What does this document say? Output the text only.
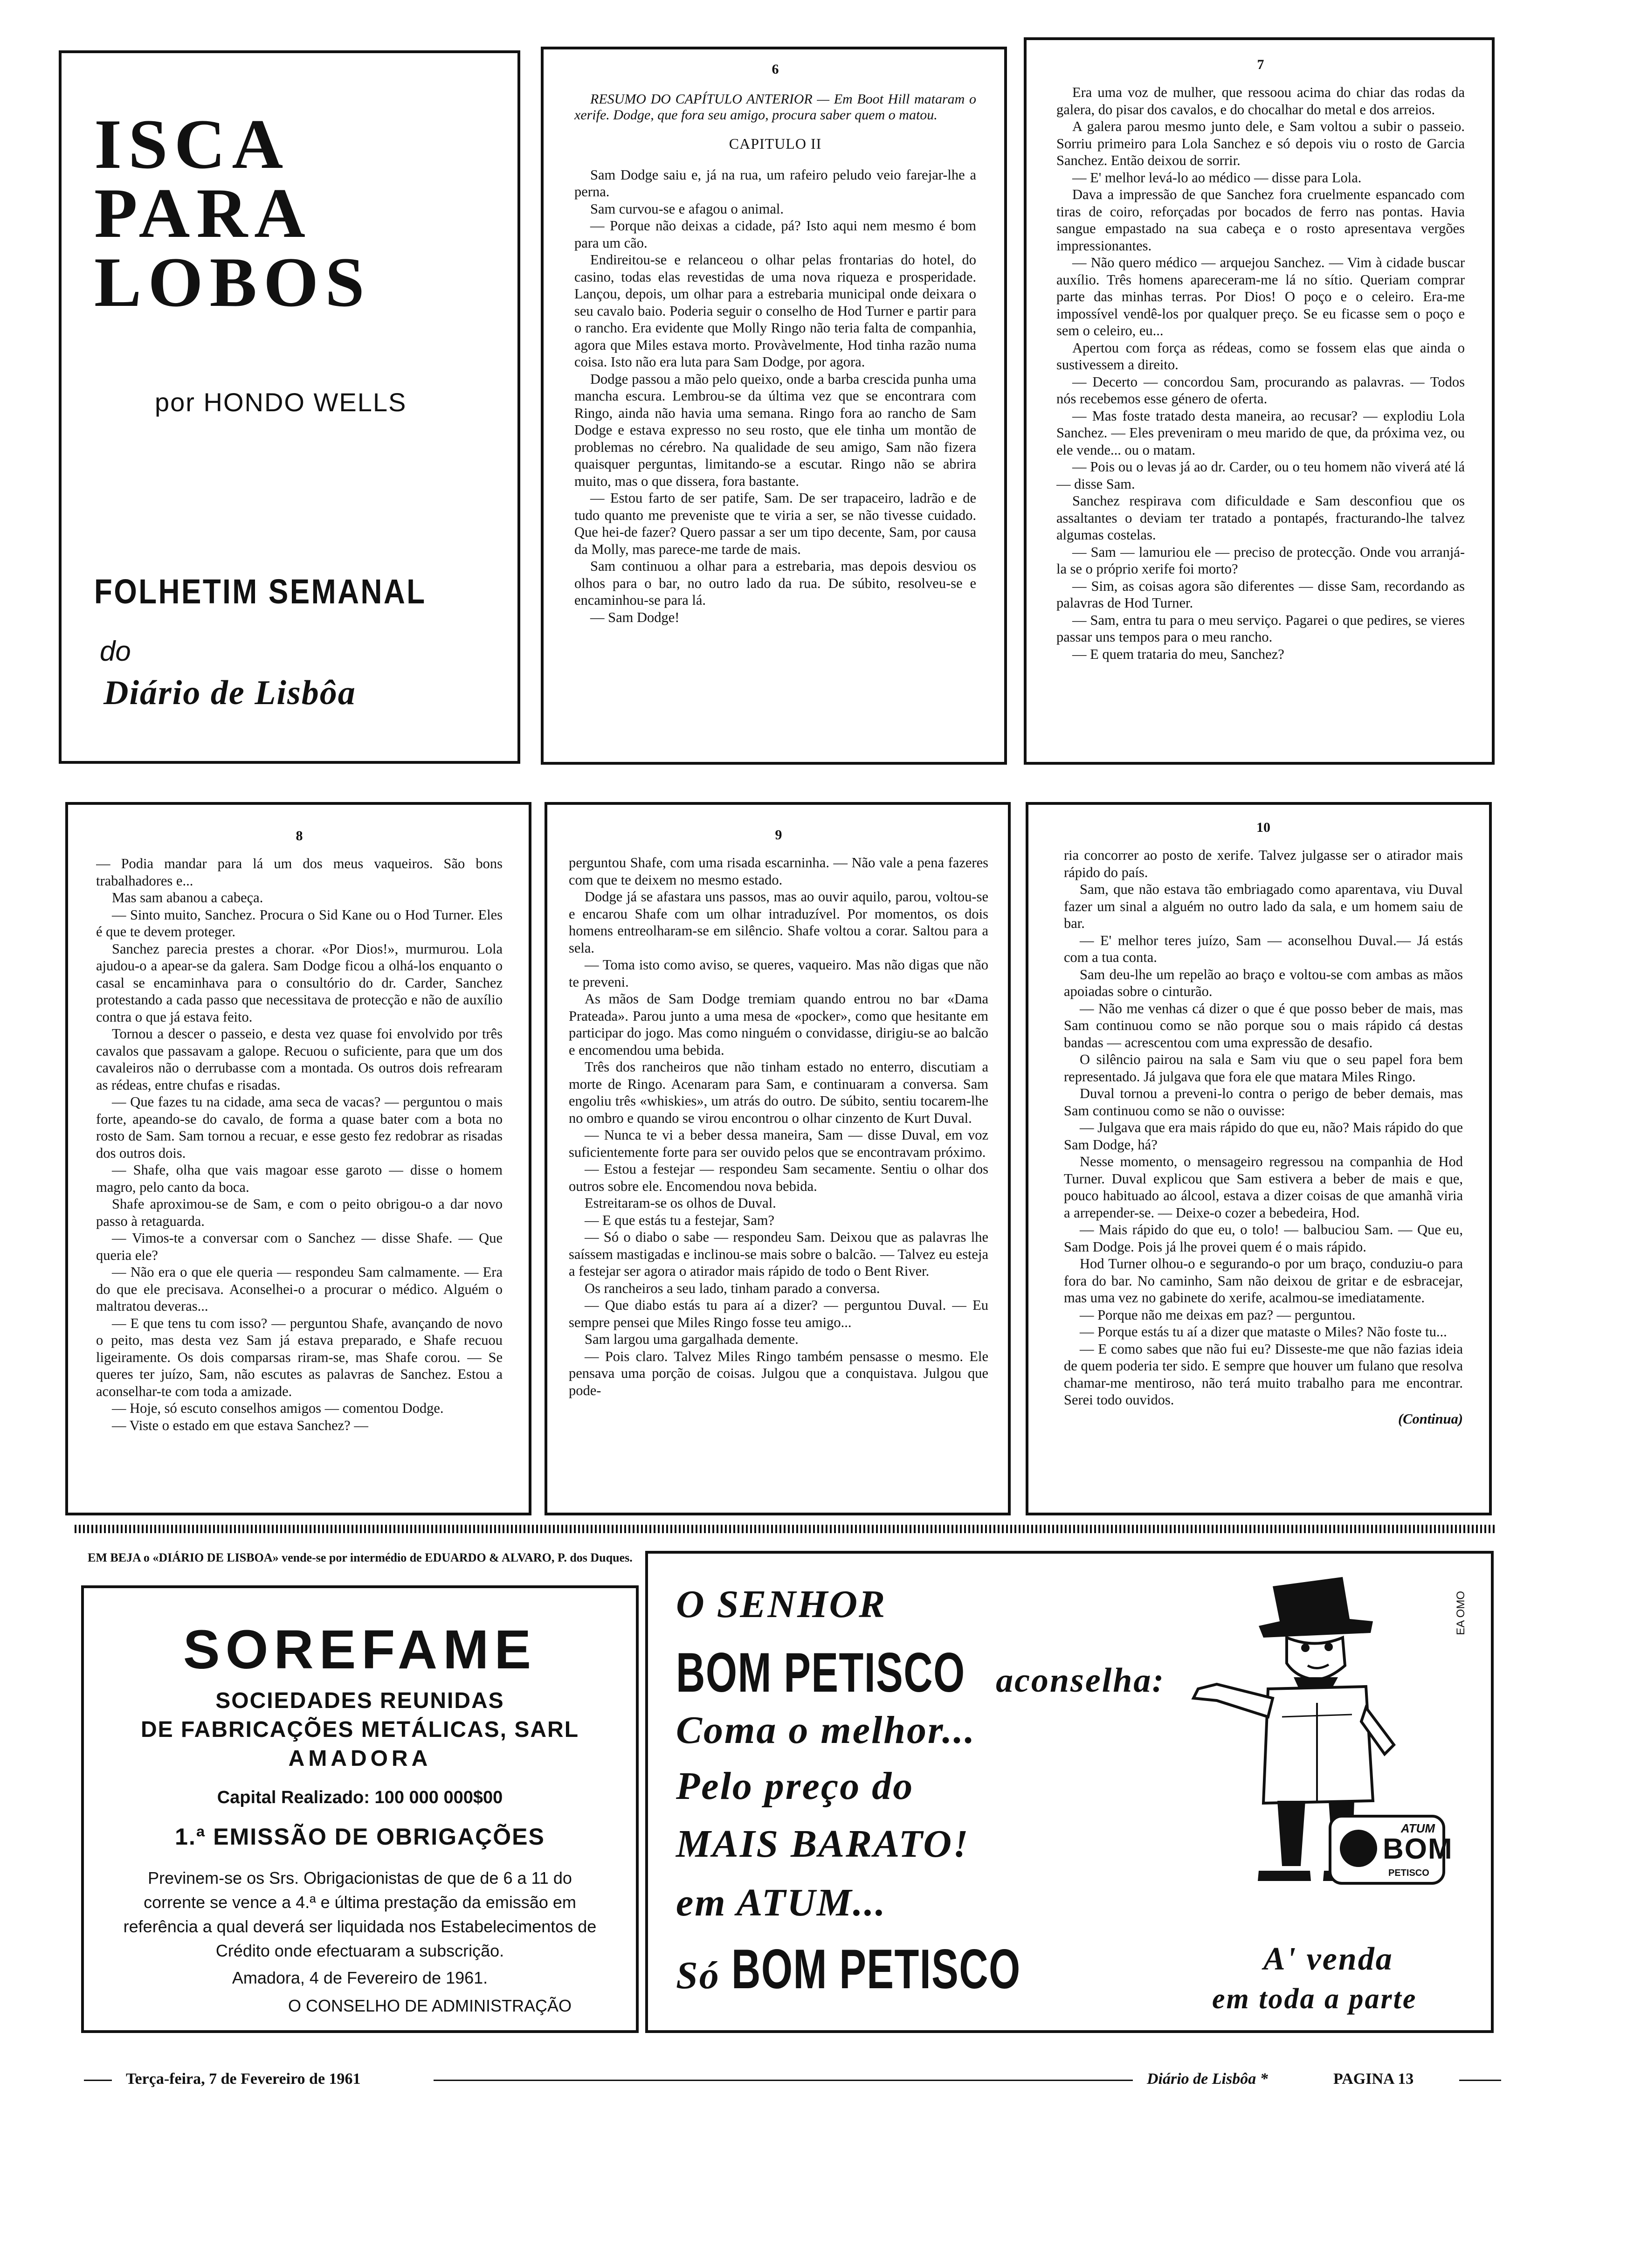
ISCA
PARA
LOBOS
por HONDO WELLS
FOLHETIM SEMANAL
do
Diário de Lisbôa
6

RESUMO DO CAPÍTULO ANTERIOR — Em Boot Hill mataram o xerife. Dodge, que fora seu amigo, procura saber quem o matou.

CAPITULO II

Sam Dodge saiu e, já na rua, um rafeiro peludo veio farejar-lhe a perna.

Sam curvou-se e afagou o animal.

— Porque não deixas a cidade, pá? Isto aqui nem mesmo é bom para um cão.

Endireitou-se e relanceou o olhar pelas frontarias do hotel, do casino, todas elas revestidas de uma nova riqueza e prosperidade. Lançou, depois, um olhar para a estrebaria municipal onde deixara o seu cavalo baio. Poderia seguir o conselho de Hod Turner e partir para o rancho. Era evidente que Molly Ringo não teria falta de companhia, agora que Miles estava morto. Provàvelmente, Hod tinha razão numa coisa. Isto não era luta para Sam Dodge, por agora.

Dodge passou a mão pelo queixo, onde a barba crescida punha uma mancha escura. Lembrou-se da última vez que se encontrara com Ringo, ainda não havia uma semana. Ringo fora ao rancho de Sam Dodge e estava expresso no seu rosto, que ele tinha um montão de problemas no cérebro. Na qualidade de seu amigo, Sam não fizera quaisquer perguntas, limitando-se a escutar. Ringo não se abrira muito, mas o que dissera, fora bastante.

— Estou farto de ser patife, Sam. De ser trapaceiro, ladrão e de tudo quanto me preveniste que te viria a ser, se não tivesse cuidado. Que hei-de fazer? Quero passar a ser um tipo decente, Sam, por causa da Molly, mas parece-me tarde de mais.

Sam continuou a olhar para a estrebaria, mas depois desviou os olhos para o bar, no outro lado da rua. De súbito, resolveu-se e encaminhou-se para lá.

— Sam Dodge!

7

Era uma voz de mulher, que ressoou acima do chiar das rodas da galera, do pisar dos cavalos, e do chocalhar do metal e dos arreios.

A galera parou mesmo junto dele, e Sam voltou a subir o passeio. Sorriu primeiro para Lola Sanchez e só depois viu o rosto de Garcia Sanchez. Então deixou de sorrir.

— E' melhor levá-lo ao médico — disse para Lola.

Dava a impressão de que Sanchez fora cruelmente espancado com tiras de coiro, reforçadas por bocados de ferro nas pontas. Havia sangue empastado na sua cabeça e o rosto apresentava vergões impressionantes.

— Não quero médico — arquejou Sanchez. — Vim à cidade buscar auxílio. Três homens apareceram-me lá no sítio. Queriam comprar parte das minhas terras. Por Dios! O poço e o celeiro. Era-me impossível vendê-los por qualquer preço. Se eu ficasse sem o poço e sem o celeiro, eu...

Apertou com força as rédeas, como se fossem elas que ainda o sustivessem a direito.

— Decerto — concordou Sam, procurando as palavras. — Todos nós recebemos esse género de oferta.

— Mas foste tratado desta maneira, ao recusar? — explodiu Lola Sanchez. — Eles preveniram o meu marido de que, da próxima vez, ou ele vende... ou o matam.

— Pois ou o levas já ao dr. Carder, ou o teu homem não viverá até lá — disse Sam.

Sanchez respirava com dificuldade e Sam desconfiou que os assaltantes o deviam ter tratado a pontapés, fracturando-lhe talvez algumas costelas.

— Sam — lamuriou ele — preciso de protecção. Onde vou arranjá-la se o próprio xerife foi morto?

— Sim, as coisas agora são diferentes — disse Sam, recordando as palavras de Hod Turner.

— Sam, entra tu para o meu serviço. Pagarei o que pedires, se vieres passar uns tempos para o meu rancho.

— E quem trataria do meu, Sanchez?

8

— Podia mandar para lá um dos meus vaqueiros. São bons trabalhadores e...

Mas sam abanou a cabeça.

— Sinto muito, Sanchez. Procura o Sid Kane ou o Hod Turner. Eles é que te devem proteger.

Sanchez parecia prestes a chorar. «Por Dios!», murmurou. Lola ajudou-o a apear-se da galera. Sam Dodge ficou a olhá-los enquanto o casal se encaminhava para o consultório do dr. Carder, Sanchez protestando a cada passo que necessitava de protecção e não de auxílio contra o que já estava feito.

Tornou a descer o passeio, e desta vez quase foi envolvido por três cavalos que passavam a galope. Recuou o suficiente, para que um dos cavaleiros não o derrubasse com a montada. Os outros dois refrearam as rédeas, entre chufas e risadas.

— Que fazes tu na cidade, ama seca de vacas? — perguntou o mais forte, apeando-se do cavalo, de forma a quase bater com a bota no rosto de Sam. Sam tornou a recuar, e esse gesto fez redobrar as risadas dos outros dois.

— Shafe, olha que vais magoar esse garoto — disse o homem magro, pelo canto da boca.

Shafe aproximou-se de Sam, e com o peito obrigou-o a dar novo passo à retaguarda.

— Vimos-te a conversar com o Sanchez — disse Shafe. — Que queria ele?

— Não era o que ele queria — respondeu Sam calmamente. — Era do que ele precisava. Aconselhei-o a procurar o médico. Alguém o maltratou deveras...

— E que tens tu com isso? — perguntou Shafe, avançando de novo o peito, mas desta vez Sam já estava preparado, e Shafe recuou ligeiramente. Os dois comparsas riram-se, mas Shafe corou. — Se queres ter juízo, Sam, não escutes as palavras de Sanchez. Estou a aconselhar-te com toda a amizade.

— Hoje, só escuto conselhos amigos — comentou Dodge.

— Viste o estado em que estava Sanchez? —

9

perguntou Shafe, com uma risada escarninha. — Não vale a pena fazeres com que te deixem no mesmo estado.

Dodge já se afastara uns passos, mas ao ouvir aquilo, parou, voltou-se e encarou Shafe com um olhar intraduzível. Por momentos, os dois homens entreolharam-se em silêncio. Shafe voltou a corar. Saltou para a sela.

— Toma isto como aviso, se queres, vaqueiro. Mas não digas que não te preveni.

As mãos de Sam Dodge tremiam quando entrou no bar «Dama Prateada». Parou junto a uma mesa de «pocker», como que hesitante em participar do jogo. Mas como ninguém o convidasse, dirigiu-se ao balcão e encomendou uma bebida.

Três dos rancheiros que não tinham estado no enterro, discutiam a morte de Ringo. Acenaram para Sam, e continuaram a conversa. Sam engoliu três «whiskies», um atrás do outro. De súbito, sentiu tocarem-lhe no ombro e quando se virou encontrou o olhar cinzento de Kurt Duval.

— Nunca te vi a beber dessa maneira, Sam — disse Duval, em voz suficientemente forte para ser ouvido pelos que se encontravam próximo.

— Estou a festejar — respondeu Sam secamente. Sentiu o olhar dos outros sobre ele. Encomendou nova bebida.

Estreitaram-se os olhos de Duval.

— E que estás tu a festejar, Sam?

— Só o diabo o sabe — respondeu Sam. Deixou que as palavras lhe saíssem mastigadas e inclinou-se mais sobre o balcão. — Talvez eu esteja a festejar ser agora o atirador mais rápido de todo o Bent River.

Os rancheiros a seu lado, tinham parado a conversa.

— Que diabo estás tu para aí a dizer? — perguntou Duval. — Eu sempre pensei que Miles Ringo fosse teu amigo...

Sam largou uma gargalhada demente.

— Pois claro. Talvez Miles Ringo também pensasse o mesmo. Ele pensava uma porção de coisas. Julgou que a conquistava. Julgou que pode-

10

ria concorrer ao posto de xerife. Talvez julgasse ser o atirador mais rápido do país.

Sam, que não estava tão embriagado como aparentava, viu Duval fazer um sinal a alguém no outro lado da sala, e um homem saiu de bar.

— E' melhor teres juízo, Sam — aconselhou Duval.— Já estás com a tua conta.

Sam deu-lhe um repelão ao braço e voltou-se com ambas as mãos apoiadas sobre o cinturão.

— Não me venhas cá dizer o que é que posso beber de mais, mas Sam continuou como se não porque sou o mais rápido cá destas bandas — acrescentou com uma expressão de desafio.

O silêncio pairou na sala e Sam viu que o seu papel fora bem representado. Já julgava que fora ele que matara Miles Ringo.

Duval tornou a preveni-lo contra o perigo de beber demais, mas Sam continuou como se não o ouvisse:

— Julgava que era mais rápido do que eu, não? Mais rápido do que Sam Dodge, há?

Nesse momento, o mensageiro regressou na companhia de Hod Turner. Duval explicou que Sam estivera a beber de mais e que, pouco habituado ao álcool, estava a dizer coisas de que amanhã viria a arrepender-se. — Deixe-o cozer a bebedeira, Hod.

— Mais rápido do que eu, o tolo! — balbuciou Sam. — Que eu, Sam Dodge. Pois já lhe provei quem é o mais rápido.

Hod Turner olhou-o e segurando-o por um braço, conduziu-o para fora do bar. No caminho, Sam não deixou de gritar e de esbracejar, mas uma vez no gabinete do xerife, acalmou-se imediatamente.

— Porque não me deixas em paz? — perguntou.

— Porque estás tu aí a dizer que mataste o Miles? Não foste tu...

— E como sabes que não fui eu? Disseste-me que não fazias ideia de quem poderia ter sido. E sempre que houver um fulano que resolva chamar-me mentiroso, não terá muito trabalho para me encontrar. Serei todo ouvidos.

(Continua)

EM BEJA o «DIÁRIO DE LISBOA» vende-se por intermédio de EDUARDO & ALVARO, P. dos Duques.
SOREFAME
SOCIEDADES REUNIDAS
DE FABRICAÇÕES METÁLICAS, SARL
AMADORA
Capital Realizado: 100 000 000$00
1.ª EMISSÃO DE OBRIGAÇÕES
Previnem-se os Srs. Obrigacionistas de que de 6 a 11 do corrente se vence a 4.ª e última prestação da emissão em referência a qual deverá ser liquidada nos Estabelecimentos de Crédito onde efectuaram a subscrição.
Amadora, 4 de Fevereiro de 1961.
O CONSELHO DE ADMINISTRAÇÃO
O SENHOR
BOM PETISCO aconselha:
Coma o melhor...
Pelo preço do
MAIS BARATO!
em ATUM...
Só BOM PETISCO	A' venda
em toda a parte
ATUM
BOM
PETISCO
EA OMO
Terça-feira, 7 de Fevereiro de 1961	Diário de Lisbôa *	PAGINA 13
